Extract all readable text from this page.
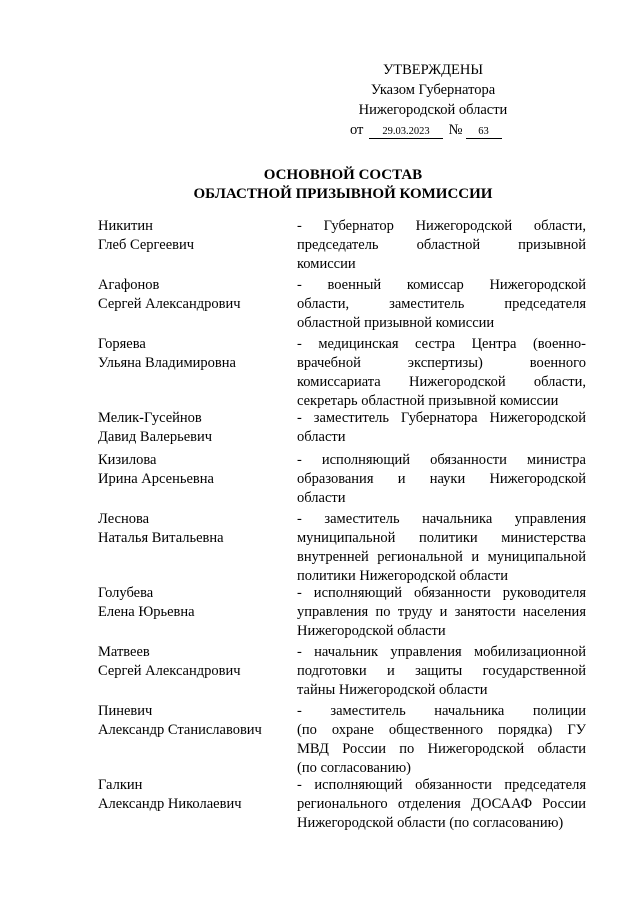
УТВЕРЖДЕНЫ
Указом Губернатора
Нижегородской области
от 29.03.2023 № 63
ОСНОВНОЙ СОСТАВ
ОБЛАСТНОЙ ПРИЗЫВНОЙ КОМИССИИ
Никитин
Глеб Сергеевич
- Губернатор Нижегородской области,
председатель областной призывной
комиссии
Агафонов
Сергей Александрович
- военный комиссар Нижегородской
области, заместитель председателя
областной призывной комиссии
Горяева
Ульяна Владимировна
- медицинская сестра Центра (военно-
врачебной экспертизы) военного
комиссариата Нижегородской области,
секретарь областной призывной комиссии
Мелик-Гусейнов
Давид Валерьевич
- заместитель Губернатора Нижегородской
области
Кизилова
Ирина Арсеньевна
- исполняющий обязанности министра
образования и науки Нижегородской
области
Леснова
Наталья Витальевна
- заместитель начальника управления
муниципальной политики министерства
внутренней региональной и муниципальной
политики Нижегородской области
Голубева
Елена Юрьевна
- исполняющий обязанности руководителя
управления по труду и занятости населения
Нижегородской области
Матвеев
Сергей Александрович
- начальник управления мобилизационной
подготовки и защиты государственной
тайны Нижегородской области
Пиневич
Александр Станиславович
- заместитель начальника полиции
(по охране общественного порядка) ГУ
МВД России по Нижегородской области
(по согласованию)
Галкин
Александр Николаевич
- исполняющий обязанности председателя
регионального отделения ДОСААФ России
Нижегородской области (по согласованию)
